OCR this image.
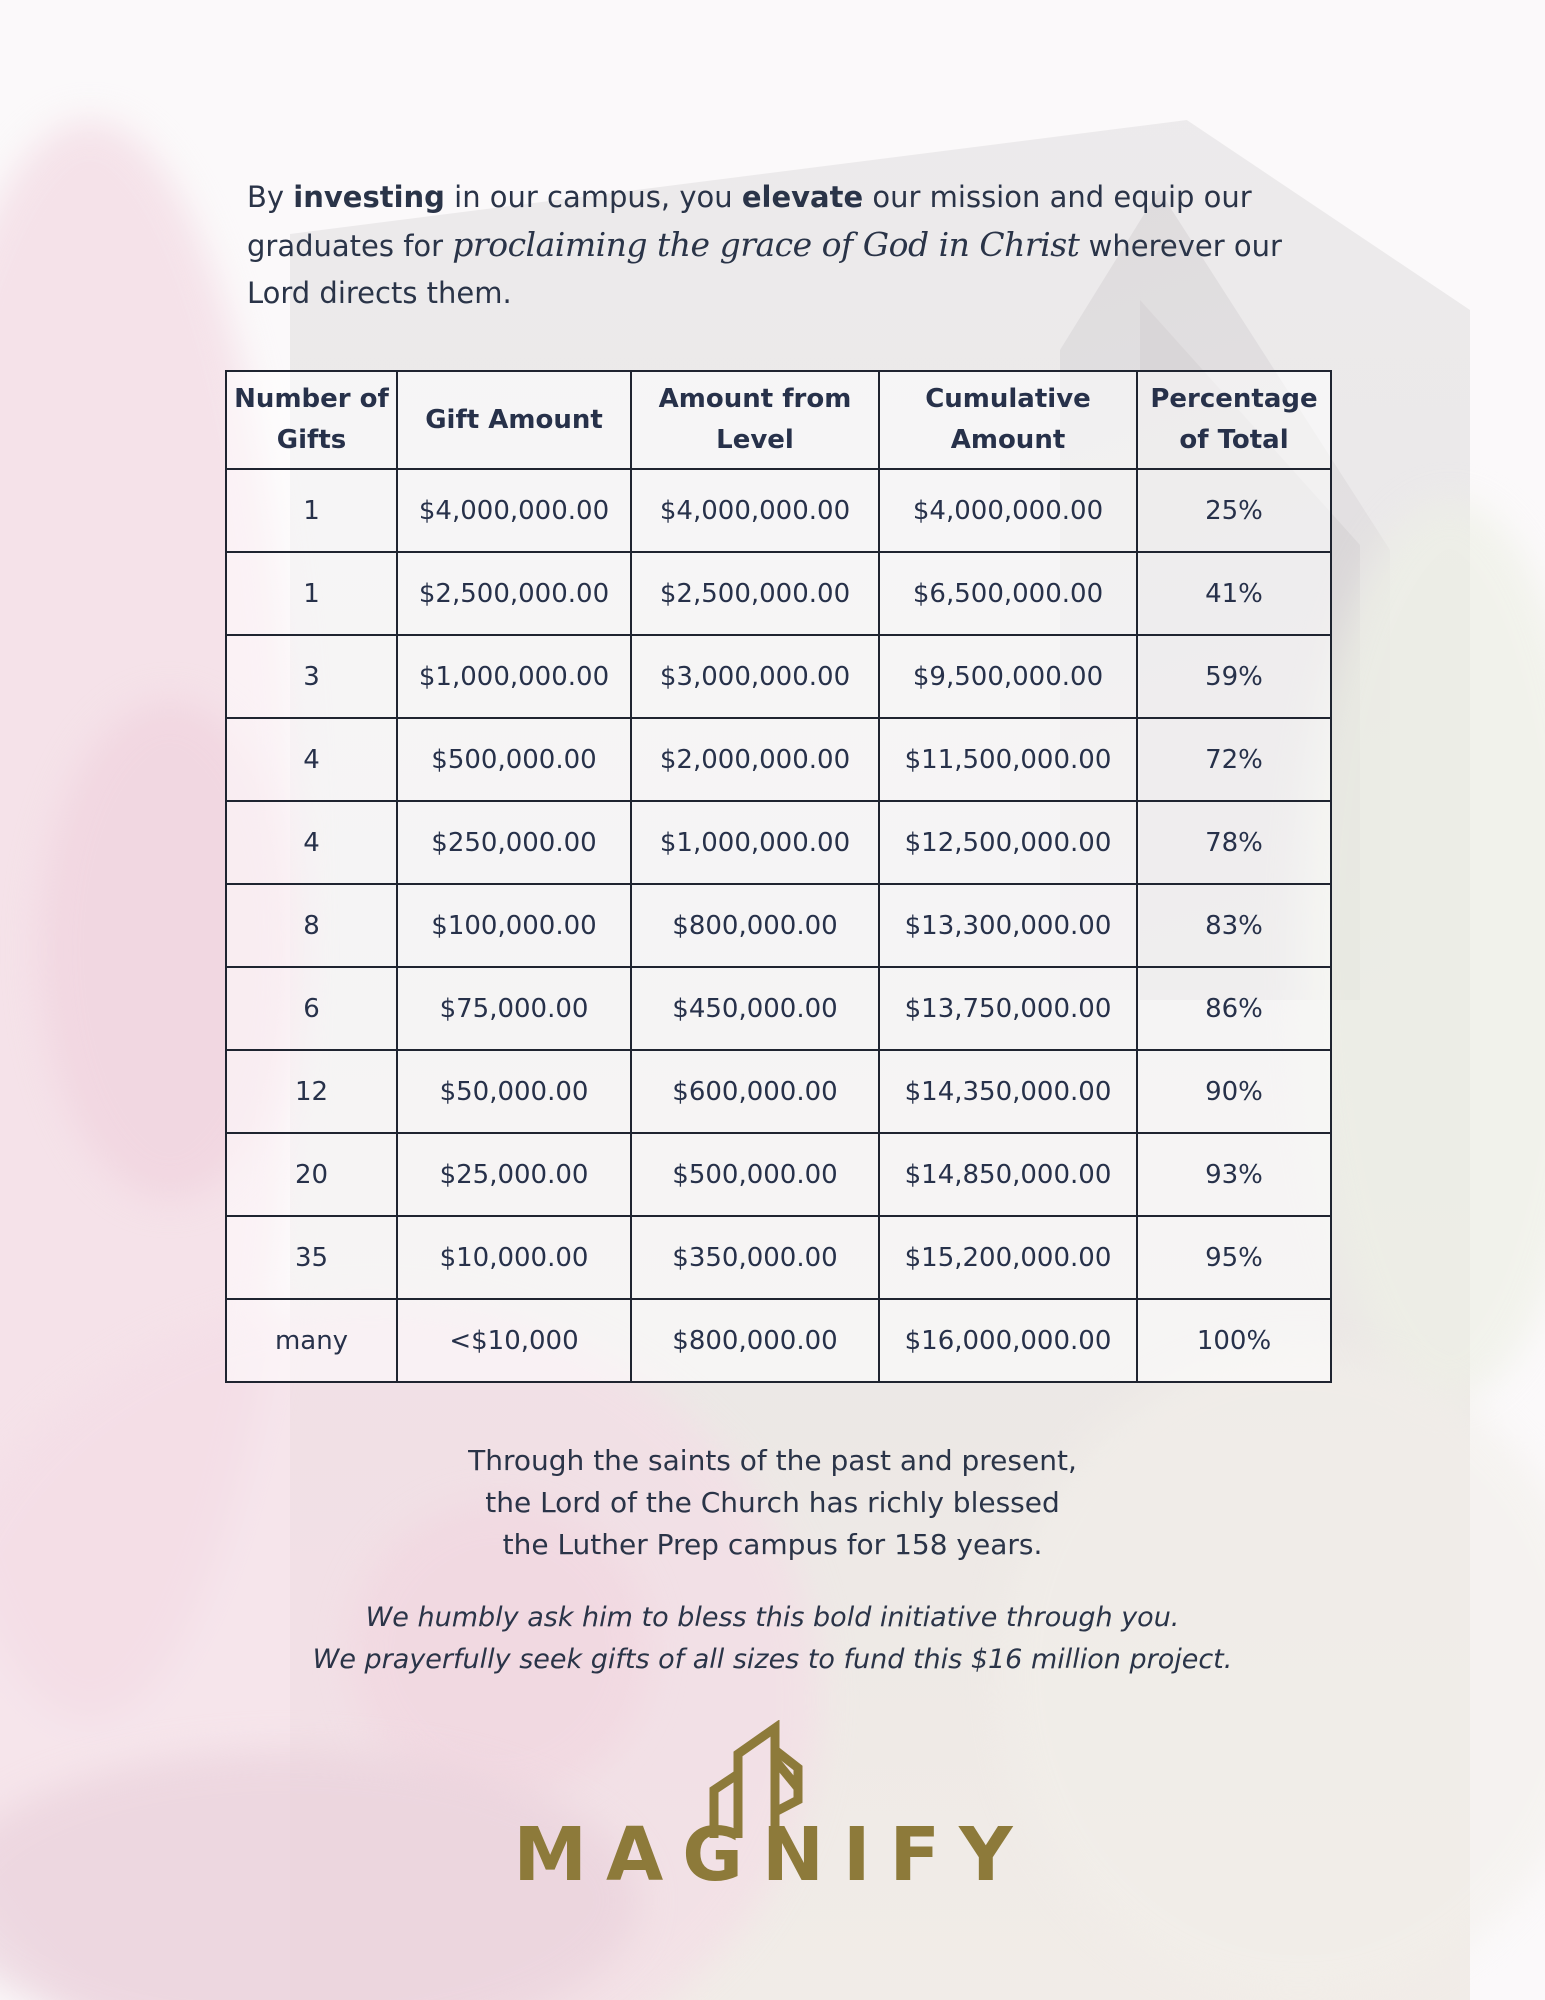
By investing in our campus, you elevate our mission and equip our graduates for proclaiming the grace of God in Christ wherever our Lord directs them.

Number of Gifts	Gift Amount	Amount from Level	Cumulative Amount	Percentage of Total
1	$4,000,000.00	$4,000,000.00	$4,000,000.00	25%
1	$2,500,000.00	$2,500,000.00	$6,500,000.00	41%
3	$1,000,000.00	$3,000,000.00	$9,500,000.00	59%
4	$500,000.00	$2,000,000.00	$11,500,000.00	72%
4	$250,000.00	$1,000,000.00	$12,500,000.00	78%
8	$100,000.00	$800,000.00	$13,300,000.00	83%
6	$75,000.00	$450,000.00	$13,750,000.00	86%
12	$50,000.00	$600,000.00	$14,350,000.00	90%
20	$25,000.00	$500,000.00	$14,850,000.00	93%
35	$10,000.00	$350,000.00	$15,200,000.00	95%
many	<$10,000	$800,000.00	$16,000,000.00	100%

Through the saints of the past and present,

the Lord of the Church has richly blessed

the Luther Prep campus for 158 years.

We humbly ask him to bless this bold initiative through you.

We prayerfully seek gifts of all sizes to fund this $16 million project.

MAGNIFY
